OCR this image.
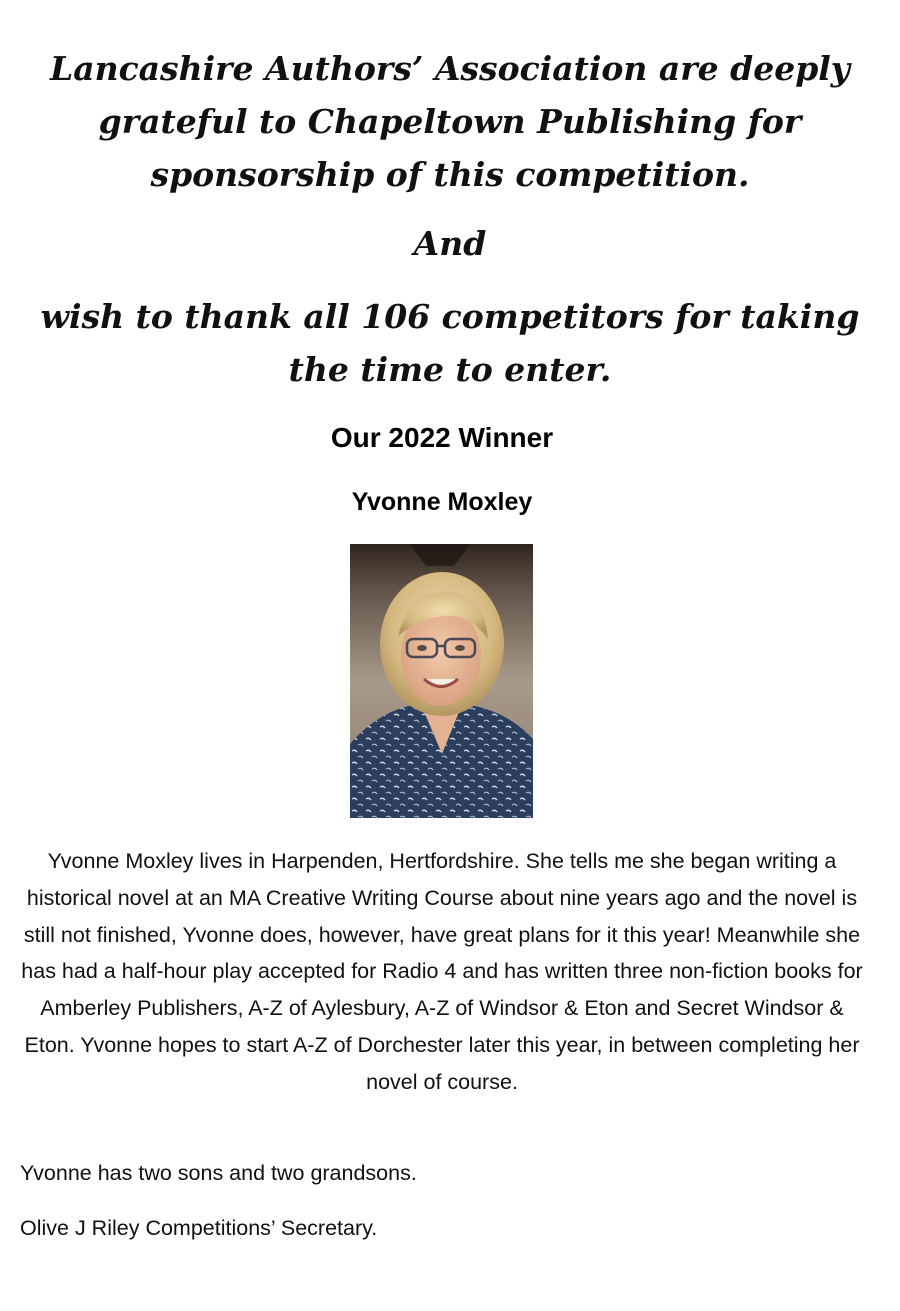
Lancashire Authors’ Association are deeply grateful to Chapeltown Publishing for sponsorship of this competition.

And

wish to thank all 106 competitors for taking the time to enter.

Our 2022 Winner
Yvonne Moxley

Yvonne Moxley lives in Harpenden, Hertfordshire. She tells me she began writing a historical novel at an MA Creative Writing Course about nine years ago and the novel is still not finished, Yvonne does, however, have great plans for it this year! Meanwhile she has had a half-hour play accepted for Radio 4 and has written three non-fiction books for Amberley Publishers, A-Z of Aylesbury, A-Z of Windsor & Eton and Secret Windsor & Eton. Yvonne hopes to start A-Z of Dorchester later this year, in between completing her novel of course.

Yvonne has two sons and two grandsons.

Olive J Riley Competitions’ Secretary.
